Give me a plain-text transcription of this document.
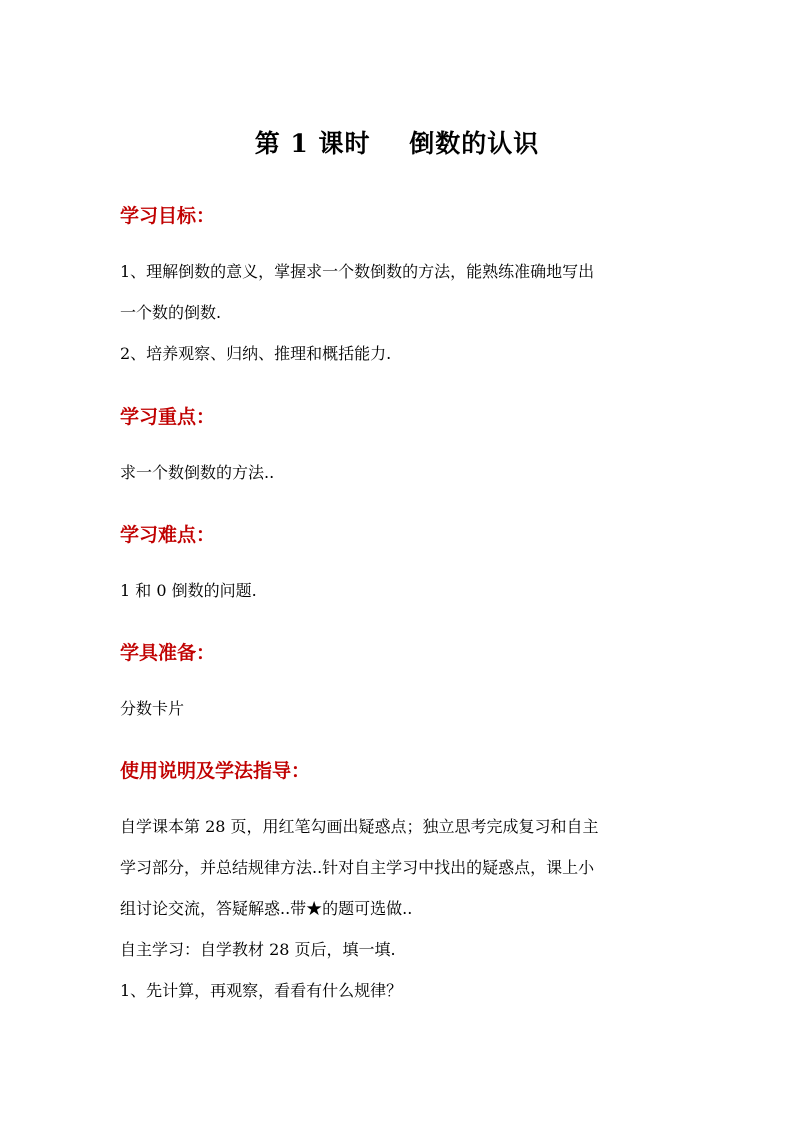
第 1 课时    倒数的认识
学习目标：
1、理解倒数的意义，掌握求一个数倒数的方法，能熟练准确地写出
一个数的倒数.
2、培养观察、归纳、推理和概括能力.
学习重点：
求一个数倒数的方法..
学习难点：
1 和 0 倒数的问题.
学具准备：
分数卡片
使用说明及学法指导：
自学课本第 28 页，用红笔勾画出疑惑点；独立思考完成复习和自主
学习部分，并总结规律方法..针对自主学习中找出的疑惑点，课上小
组讨论交流，答疑解惑..带★的题可选做..
自主学习：自学教材 28 页后，填一填.
1、先计算，再观察，看看有什么规律？
